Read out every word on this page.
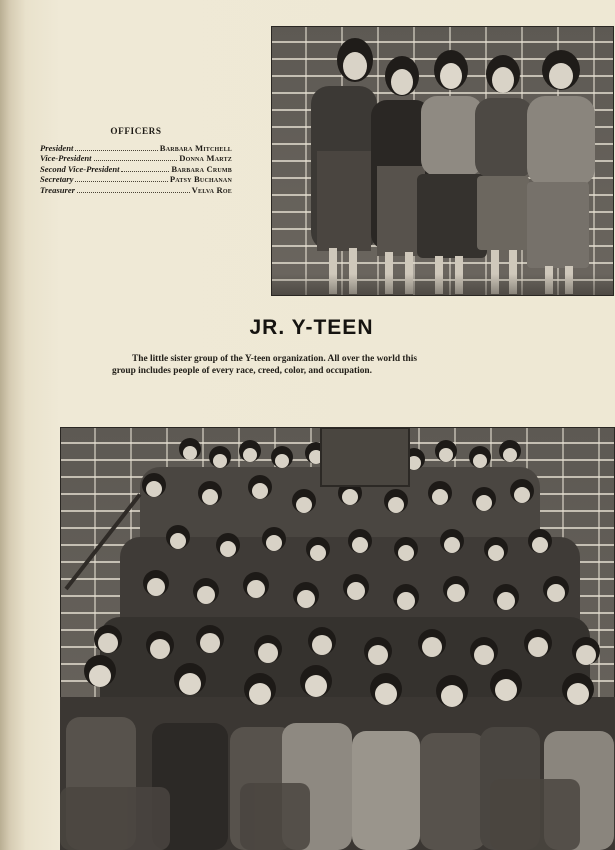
OFFICERS
President	Barbara Mitchell
Vice-President	Donna Martz
Second Vice-President	Barbara Crumb
Secretary	Patsy Buchanan
Treasurer	Velva Roe
JR. Y-TEEN
The little sister group of the Y-teen organization. All over the world this
group includes people of every race, creed, color, and occupation.
